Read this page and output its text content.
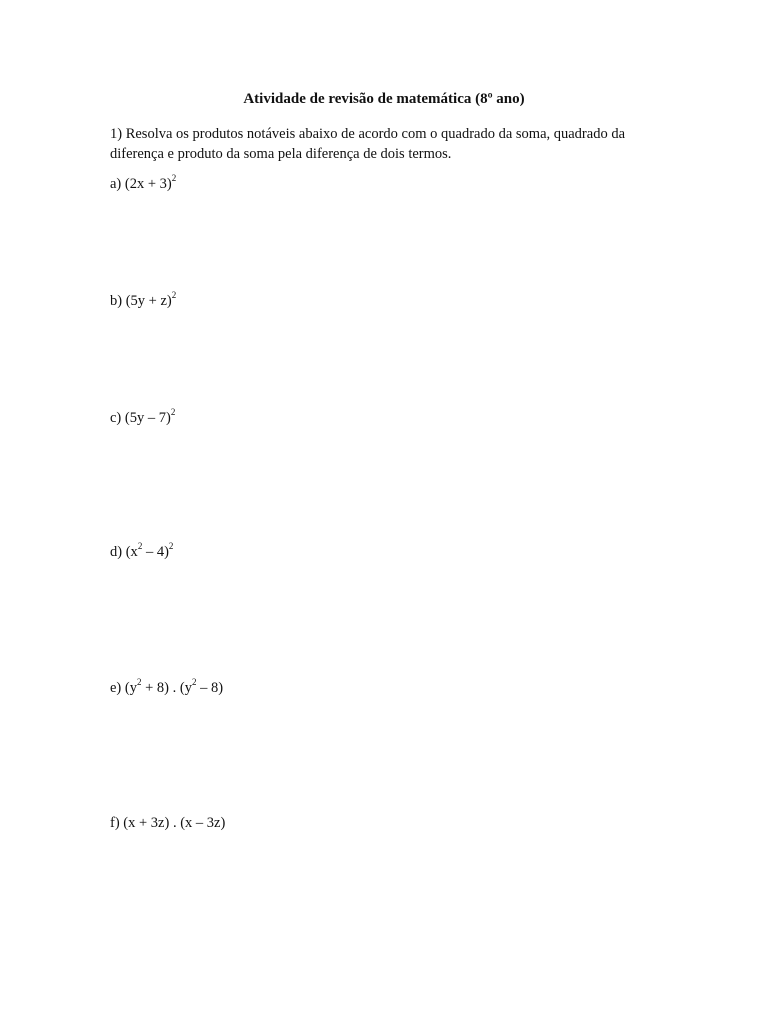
Atividade de revisão de matemática (8º ano)
1) Resolva os produtos notáveis abaixo de acordo com o quadrado da soma, quadrado da
diferença e produto da soma pela diferença de dois termos.
a) $(2x + 3)^2$
b) $(5y + z)^2$
c) (5y – 7)$^2$
d) $(x^2 - 4)^2$
e) $(y^2 + 8)$ . $(y^2 - 8)$
f) (x + 3z) . (x – 3z)
